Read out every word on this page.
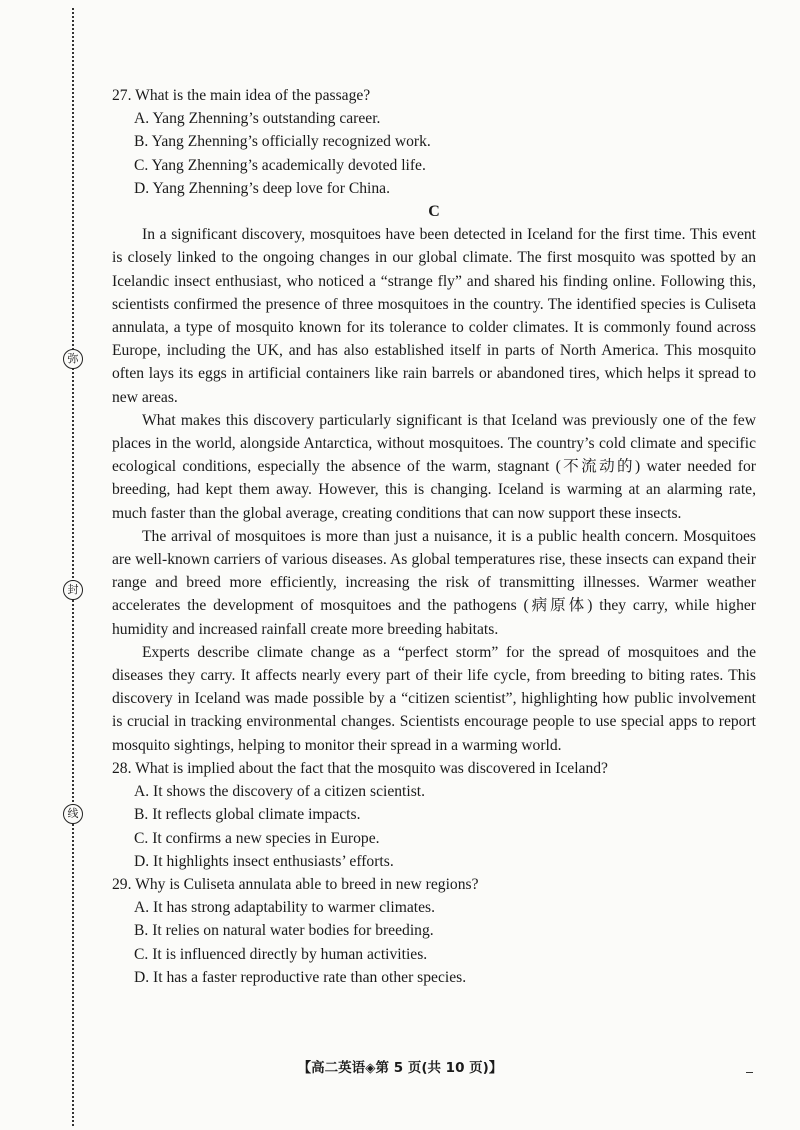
弥
封
线

27. What is the main idea of the passage?

A. Yang Zhenning’s outstanding career.

B. Yang Zhenning’s officially recognized work.

C. Yang Zhenning’s academically devoted life.

D. Yang Zhenning’s deep love for China.

C

In a significant discovery, mosquitoes have been detected in Iceland for the first time. This event is closely linked to the ongoing changes in our global climate. The first mosquito was spotted by an Icelandic insect enthusiast, who noticed a “strange fly” and shared his finding online. Following this, scientists confirmed the presence of three mosquitoes in the country. The identified species is Culiseta annulata, a type of mosquito known for its tolerance to colder climates. It is commonly found across Europe, including the UK, and has also established itself in parts of North America. This mosquito often lays its eggs in artificial containers like rain barrels or abandoned tires, which helps it spread to new areas.

What makes this discovery particularly significant is that Iceland was previously one of the few places in the world, alongside Antarctica, without mosquitoes. The country’s cold climate and specific ecological conditions, especially the absence of the warm, stagnant (不流动的) water needed for breeding, had kept them away. However, this is changing. Iceland is warming at an alarming rate, much faster than the global average, creating conditions that can now support these insects.

The arrival of mosquitoes is more than just a nuisance, it is a public health concern. Mosquitoes are well-known carriers of various diseases. As global temperatures rise, these insects can expand their range and breed more efficiently, increasing the risk of transmitting illnesses. Warmer weather accelerates the development of mosquitoes and the pathogens (病原体) they carry, while higher humidity and increased rainfall create more breeding habitats.

Experts describe climate change as a “perfect storm” for the spread of mosquitoes and the diseases they carry. It affects nearly every part of their life cycle, from breeding to biting rates. This discovery in Iceland was made possible by a “citizen scientist”, highlighting how public involvement is crucial in tracking environmental changes. Scientists encourage people to use special apps to report mosquito sightings, helping to monitor their spread in a warming world.

28. What is implied about the fact that the mosquito was discovered in Iceland?

A. It shows the discovery of a citizen scientist.

B. It reflects global climate impacts.

C. It confirms a new species in Europe.

D. It highlights insect enthusiasts’ efforts.

29. Why is Culiseta annulata able to breed in new regions?

A. It has strong adaptability to warmer climates.

B. It relies on natural water bodies for breeding.

C. It is influenced directly by human activities.

D. It has a faster reproductive rate than other species.

【高二英语◈第 5 页(共 10 页)】
